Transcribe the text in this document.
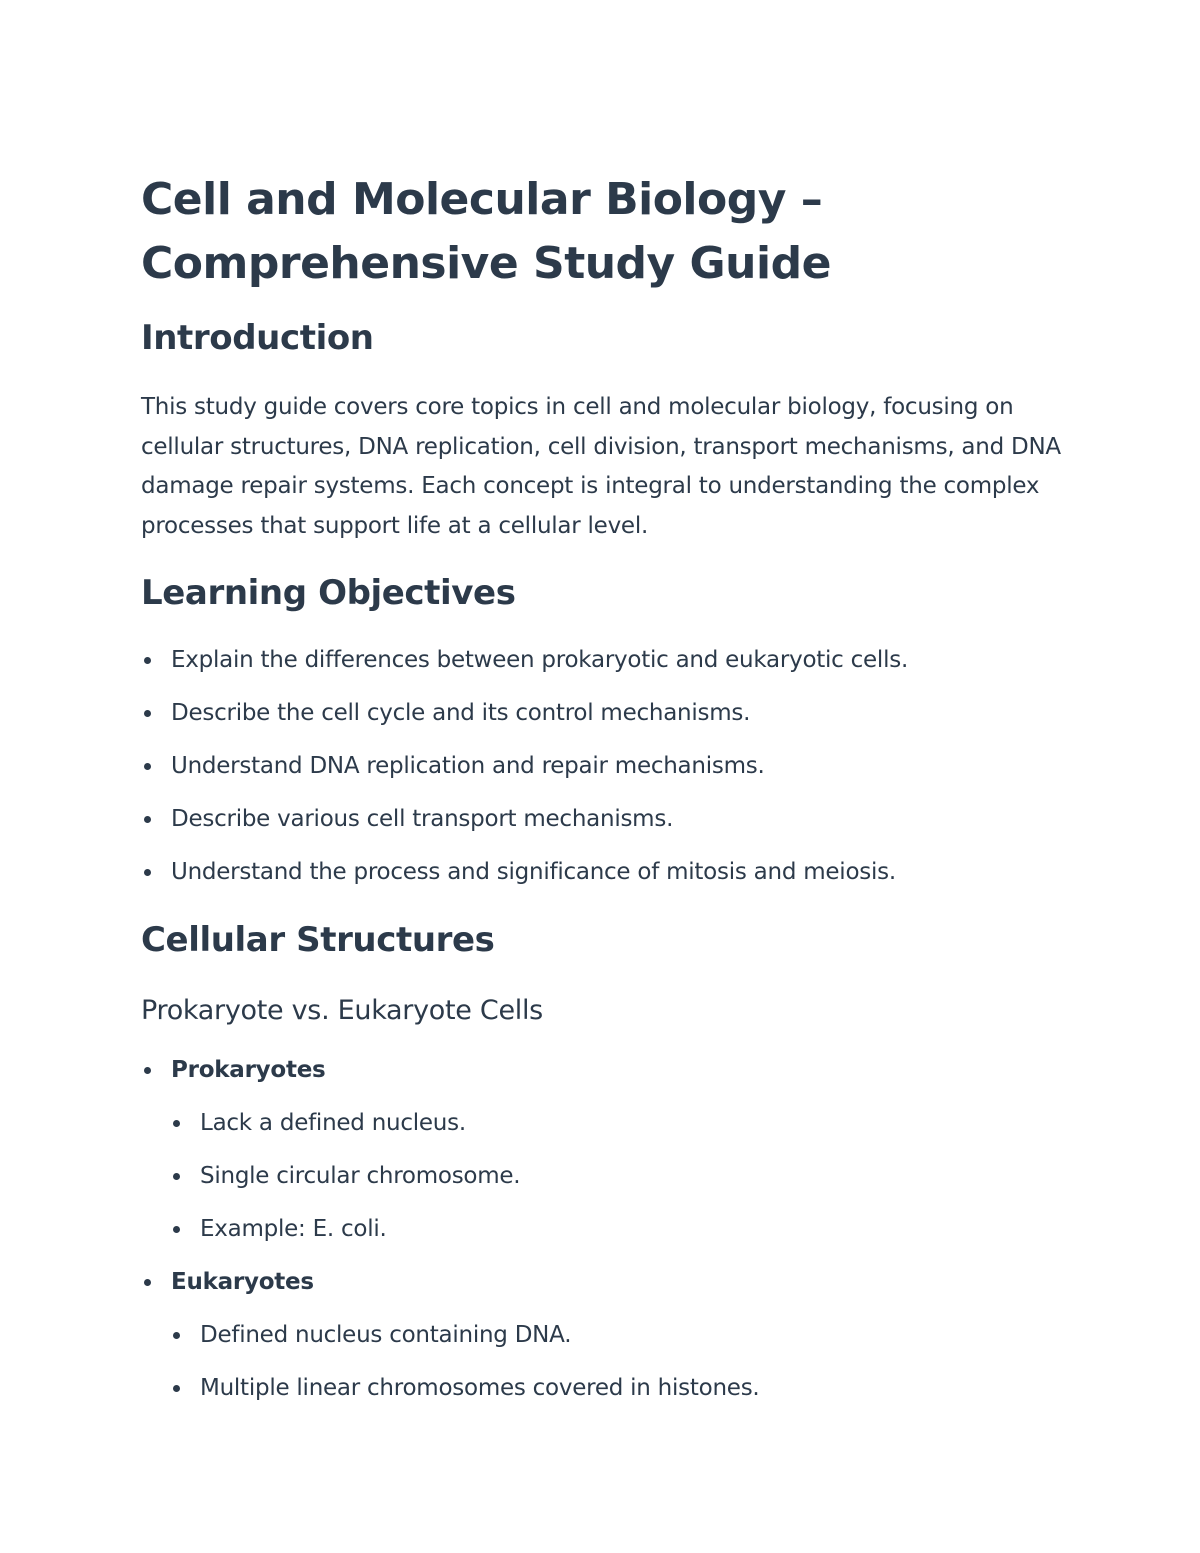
Cell and Molecular Biology –
Comprehensive Study Guide
Introduction

This study guide covers core topics in cell and molecular biology, focusing on cellular structures, DNA replication, cell division, transport mechanisms, and DNA damage repair systems. Each concept is integral to understanding the complex processes that support life at a cellular level.

Learning Objectives
Explain the differences between prokaryotic and eukaryotic cells.
Describe the cell cycle and its control mechanisms.
Understand DNA replication and repair mechanisms.
Describe various cell transport mechanisms.
Understand the process and significance of mitosis and meiosis.
Cellular Structures
Prokaryote vs. Eukaryote Cells
Prokaryotes
Lack a defined nucleus.
Single circular chromosome.
Example: E. coli.
Eukaryotes
Defined nucleus containing DNA.
Multiple linear chromosomes covered in histones.
